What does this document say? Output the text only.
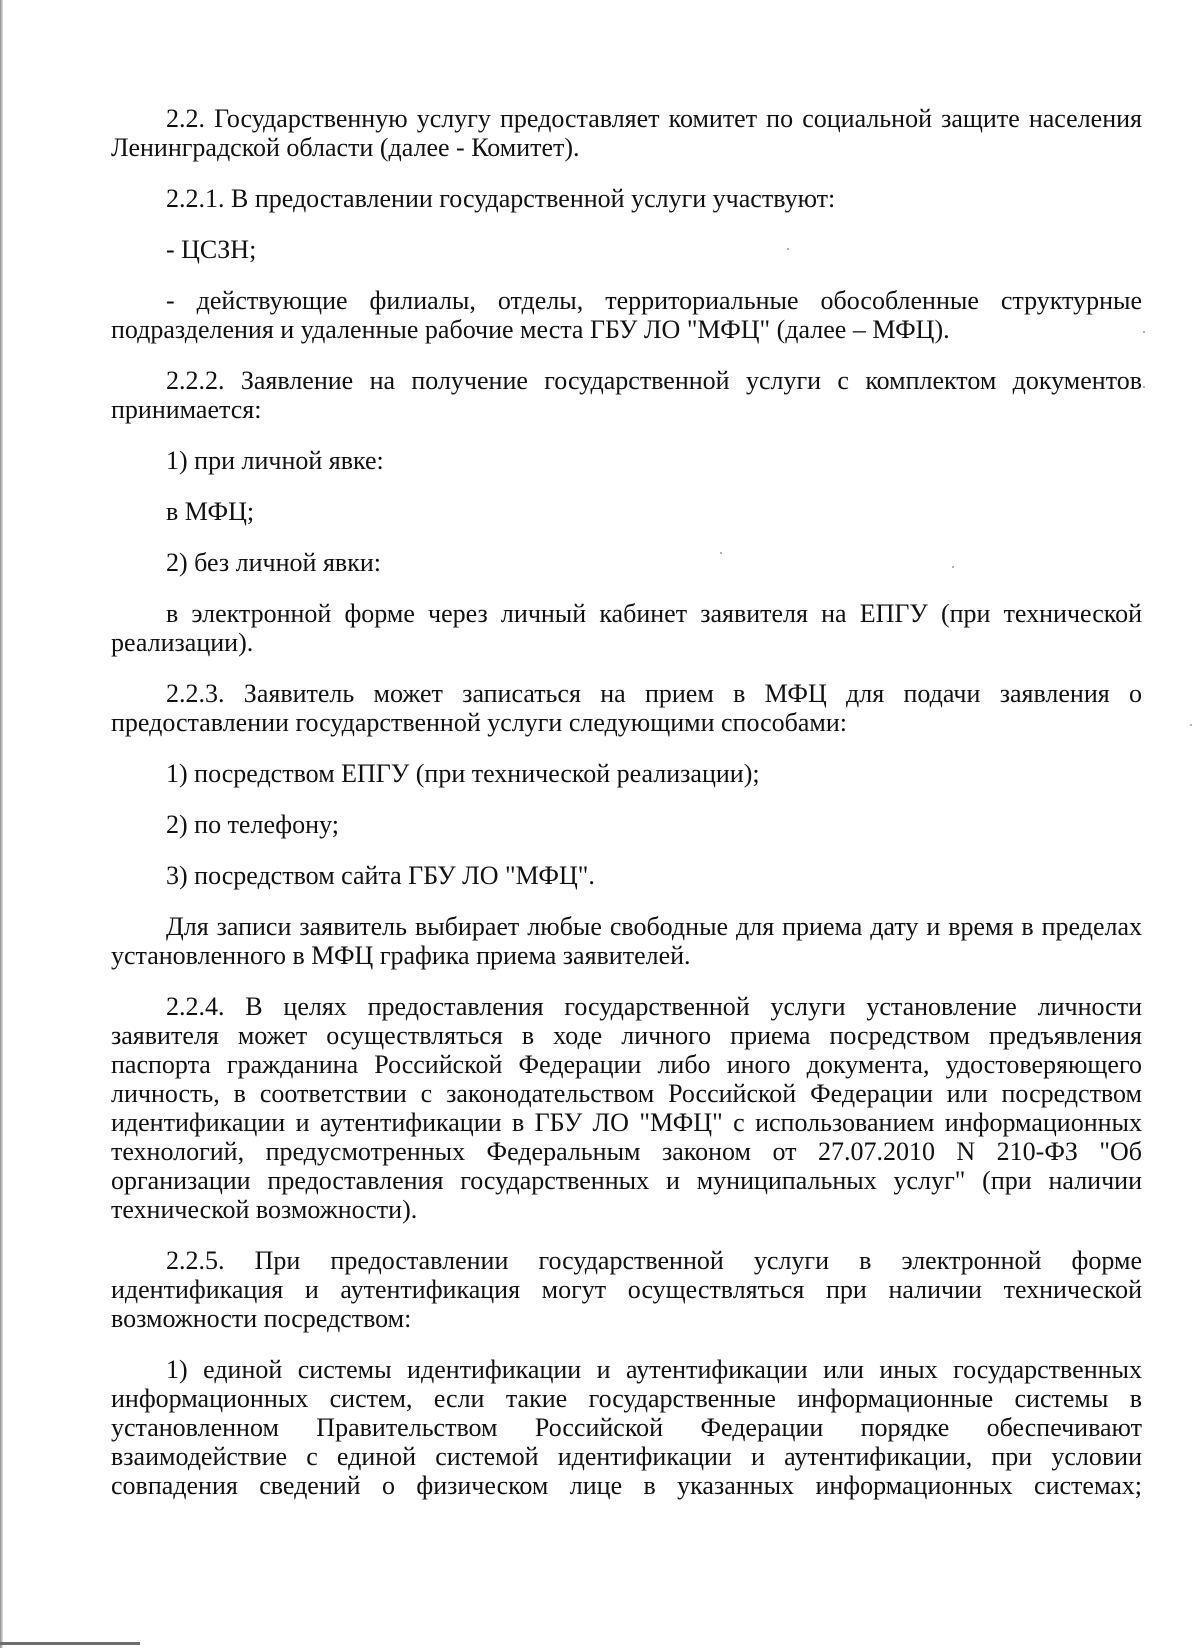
2.2. Государственную услугу предоставляет комитет по социальной защите населения Ленинградской области (далее - Комитет).

2.2.1. В предоставлении государственной услуги участвуют:

- ЦСЗН;

- действующие филиалы, отделы, территориальные обособленные структурные подразделения и удаленные рабочие места ГБУ ЛО "МФЦ" (далее – МФЦ).

2.2.2. Заявление на получение государственной услуги с комплектом документов принимается:

1) при личной явке:

в МФЦ;

2) без личной явки:

в электронной форме через личный кабинет заявителя на ЕПГУ (при технической реализации).

2.2.3. Заявитель может записаться на прием в МФЦ для подачи заявления о предоставлении государственной услуги следующими способами:

1) посредством ЕПГУ (при технической реализации);

2) по телефону;

3) посредством сайта ГБУ ЛО "МФЦ".

Для записи заявитель выбирает любые свободные для приема дату и время в пределах установленного в МФЦ графика приема заявителей.

2.2.4. В целях предоставления государственной услуги установление личности заявителя может осуществляться в ходе личного приема посредством предъявления паспорта гражданина Российской Федерации либо иного документа, удостоверяющего личность, в соответствии с законодательством Российской Федерации или посредством идентификации и аутентификации в ГБУ ЛО "МФЦ" с использованием информационных технологий, предусмотренных Федеральным законом от 27.07.2010 N 210-ФЗ "Об организации предоставления государственных и муниципальных услуг" (при наличии технической возможности).

2.2.5. При предоставлении государственной услуги в электронной форме идентификация и аутентификация могут осуществляться при наличии технической возможности посредством:

1) единой системы идентификации и аутентификации или иных государственных информационных систем, если такие государственные информационные системы в установленном Правительством Российской Федерации порядке обеспечивают взаимодействие с единой системой идентификации и аутентификации, при условии совпадения сведений о физическом лице в указанных информационных системах;
